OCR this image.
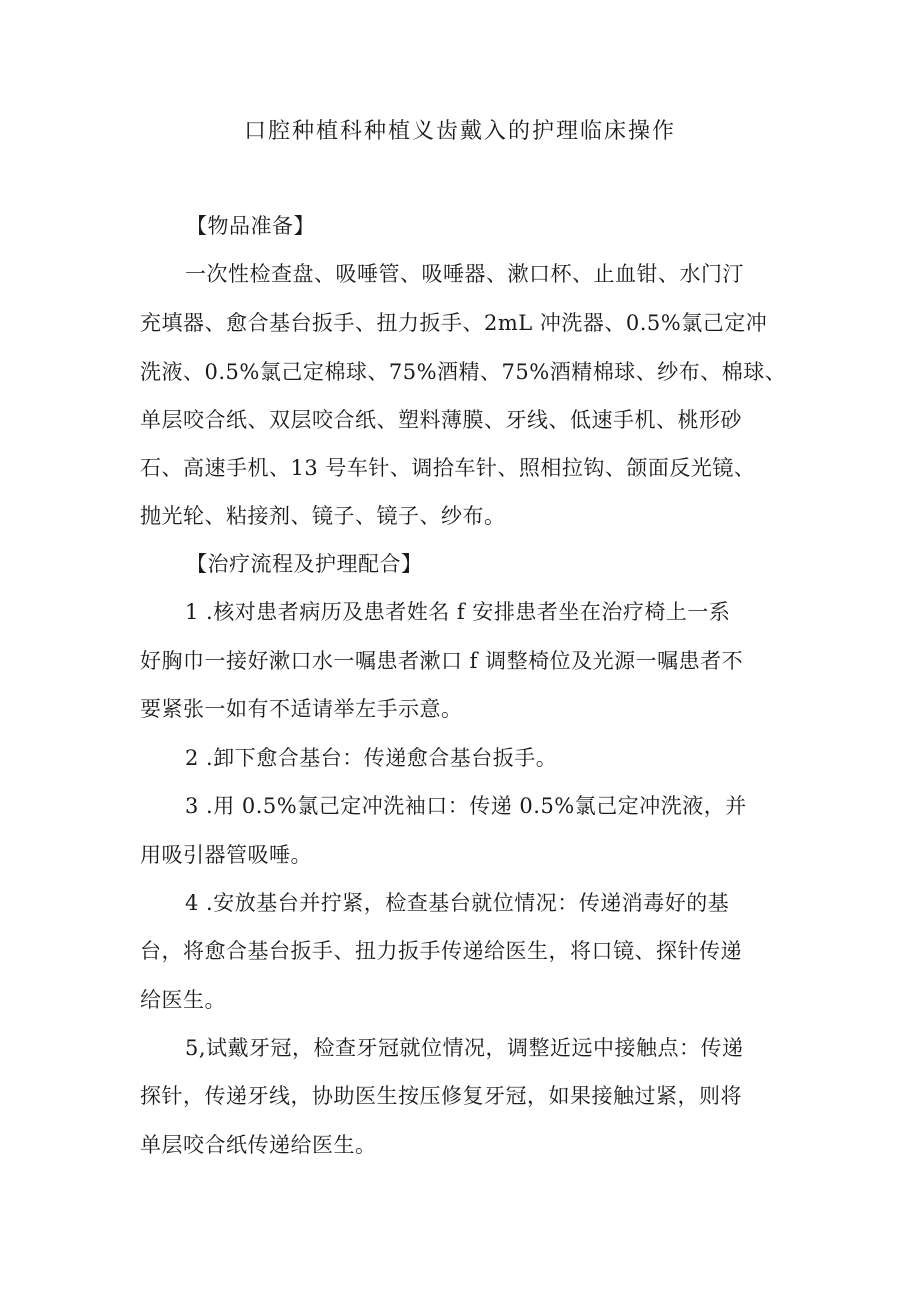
口腔种植科种植义齿戴入的护理临床操作
【物品准备】
一次性检查盘、吸唾管、吸唾器、漱口杯、止血钳、水门汀
充填器、愈合基台扳手、扭力扳手、2mL 冲洗器、0.5%氯己定冲
洗液、0.5%氯己定棉球、75%酒精、75%酒精棉球、纱布、棉球、
单层咬合纸、双层咬合纸、塑料薄膜、牙线、低速手机、桃形砂
石、高速手机、13 号车针、调拾车针、照相拉钩、颌面反光镜、
抛光轮、粘接剂、镜子、镜子、纱布。
【治疗流程及护理配合】
1 .核对患者病历及患者姓名 f 安排患者坐在治疗椅上一系
好胸巾一接好漱口水一嘱患者漱口 f 调整椅位及光源一嘱患者不
要紧张一如有不适请举左手示意。
2 .卸下愈合基台：传递愈合基台扳手。
3 .用 0.5%氯己定冲洗袖口：传递 0.5%氯己定冲洗液，并
用吸引器管吸唾。
4 .安放基台并拧紧，检查基台就位情况：传递消毒好的基
台，将愈合基台扳手、扭力扳手传递给医生，将口镜、探针传递
给医生。
5,试戴牙冠，检查牙冠就位情况，调整近远中接触点：传递
探针，传递牙线，协助医生按压修复牙冠，如果接触过紧，则将
单层咬合纸传递给医生。
